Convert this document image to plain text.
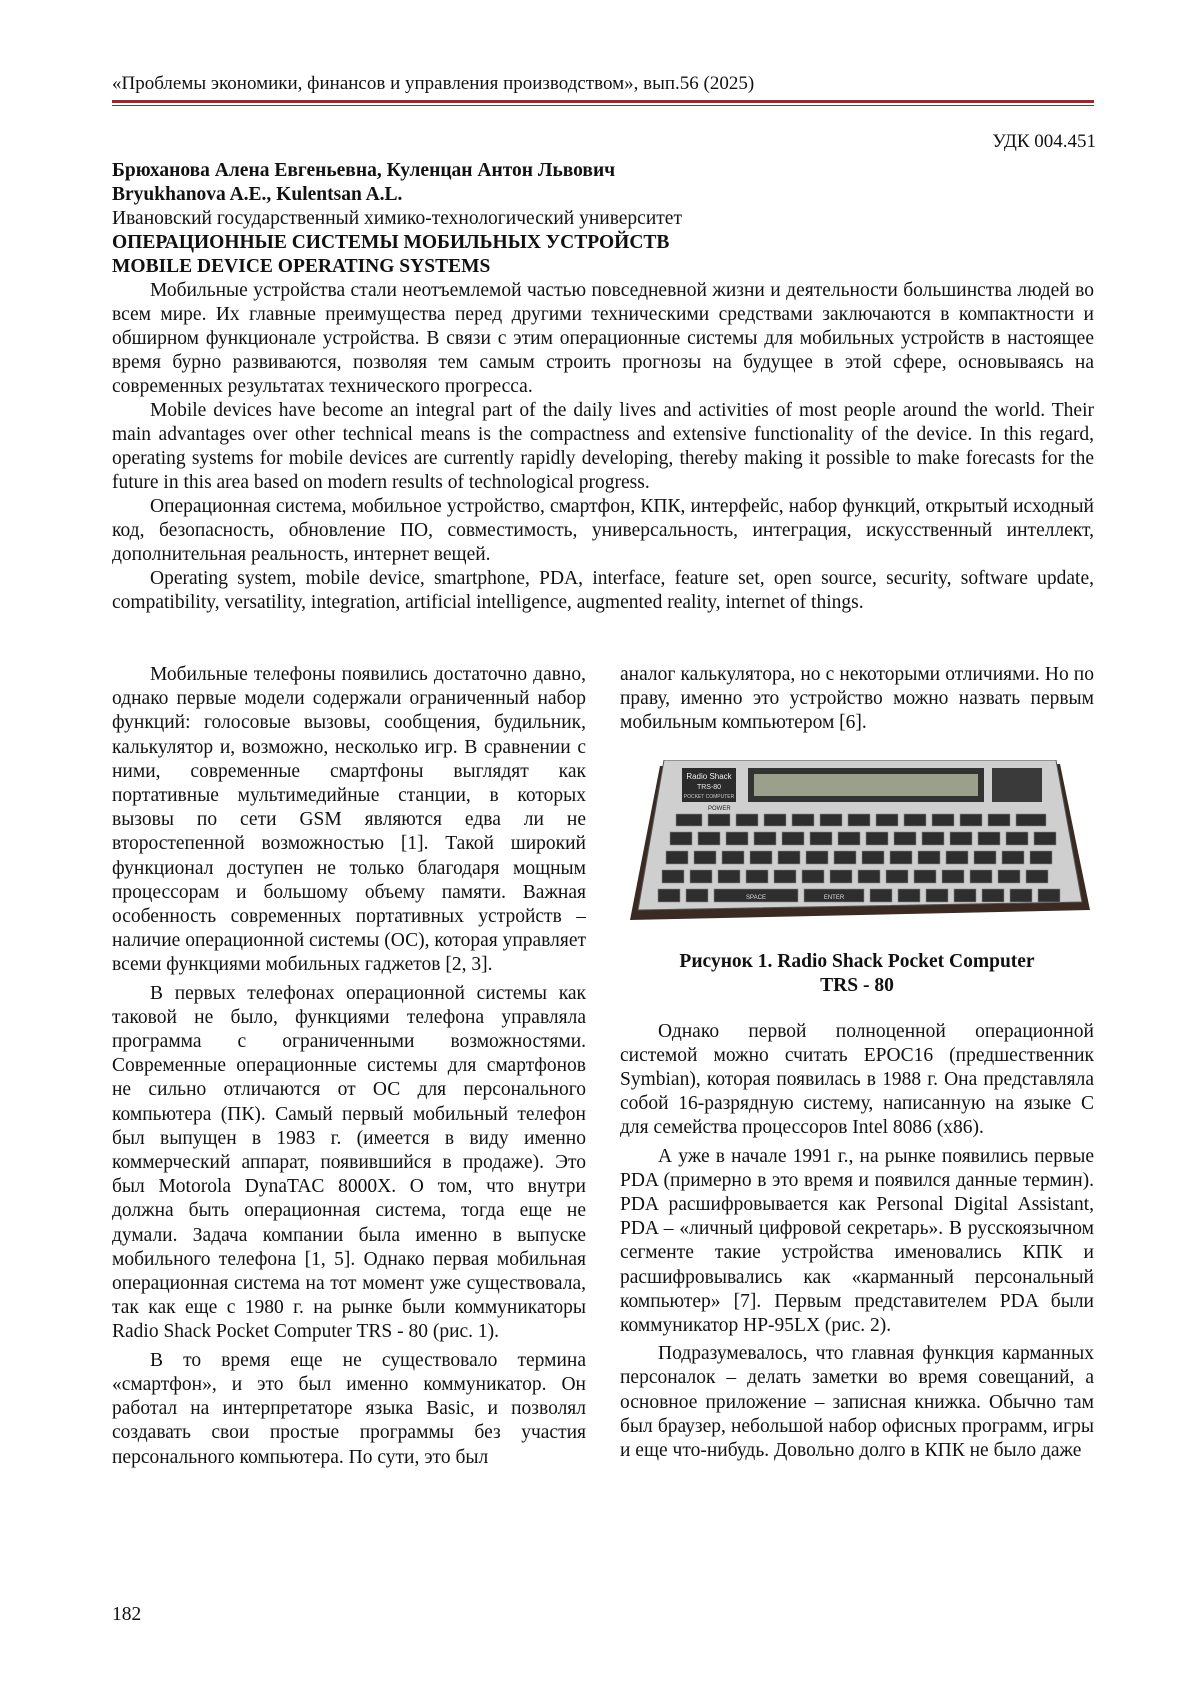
«Проблемы экономики, финансов и управления производством», вып.56 (2025)
УДК 004.451
Брюханова Алена Евгеньевна, Куленцан Антон Львович
Bryukhanova A.E., Kulentsan A.L.
Ивановский государственный химико-технологический университет
ОПЕРАЦИОННЫЕ СИСТЕМЫ МОБИЛЬНЫХ УСТРОЙСТВ
MOBILE DEVICE OPERATING SYSTEMS

Мобильные устройства стали неотъемлемой частью повседневной жизни и деятельности большинства людей во всем мире. Их главные преимущества перед другими техническими средствами заключаются в компактности и обширном функционале устройства. В связи с этим операционные системы для мобильных устройств в настоящее время бурно развиваются, позволяя тем самым строить прогнозы на будущее в этой сфере, основываясь на современных результатах технического прогресса.

Mobile devices have become an integral part of the daily lives and activities of most people around the world. Their main advantages over other technical means is the compactness and extensive functionality of the device. In this regard, operating systems for mobile devices are currently rapidly developing, thereby making it possible to make forecasts for the future in this area based on modern results of technological progress.

Операционная система, мобильное устройство, смартфон, КПК, интерфейс, набор функций, открытый исходный код, безопасность, обновление ПО, совместимость, универсальность, интеграция, искусственный интеллект, дополнительная реальность, интернет вещей.

Operating system, mobile device, smartphone, PDA, interface, feature set, open source, security, software update, compatibility, versatility, integration, artificial intelligence, augmented reality, internet of things.

Мобильные телефоны появились достаточно давно, однако первые модели содержали ограниченный набор функций: голосовые вызовы, сообщения, будильник, калькулятор и, возможно, несколько игр. В сравнении с ними, современные смартфоны выглядят как портативные мультимедийные станции, в которых вызовы по сети GSM являются едва ли не второстепенной возможностью [1]. Такой широкий функционал доступен не только благодаря мощным процессорам и большому объему памяти. Важная особенность современных портативных устройств – наличие операционной системы (ОС), которая управляет всеми функциями мобильных гаджетов [2, 3].

В первых телефонах операционной системы как таковой не было, функциями телефона управляла программа с ограниченными возможностями. Современные операционные системы для смартфонов не сильно отличаются от ОС для персонального компьютера (ПК). Самый первый мобильный телефон был выпущен в 1983 г. (имеется в виду именно коммерческий аппарат, появившийся в продаже). Это был Motorola DynaTAC 8000X. О том, что внутри должна быть операционная система, тогда еще не думали. Задача компании была именно в выпуске мобильного телефона [1, 5]. Однако первая мобильная операционная система на тот момент уже существовала, так как еще с 1980 г. на рынке были коммуникаторы Radio Shack Pocket Computer TRS - 80 (рис. 1).

В то время еще не существовало термина «смартфон», и это был именно коммуникатор. Он работал на интерпретаторе языка Basic, и позволял создавать свои простые программы без участия персонального компьютера. По сути, это был

аналог калькулятора, но с некоторыми отличиями. Но по праву, именно это устройство можно назвать первым мобильным компьютером [6].

Radio Shack
TRS-80
POCKET COMPUTER
POWER
SPACE	ENTER
Рисунок 1. Radio Shack Pocket Computer
TRS - 80

Однако первой полноценной операционной системой можно считать EPOC16 (предшественник Symbian), которая появилась в 1988 г. Она представляла собой 16-разрядную систему, написанную на языке С для семейства процессоров Intel 8086 (x86).

А уже в начале 1991 г., на рынке появились первые PDA (примерно в это время и появился данные термин). PDA расшифровывается как Personal Digital Assistant, PDA – «личный цифровой секретарь». В русскоязычном сегменте такие устройства именовались КПК и расшифровывались как «карманный персональный компьютер» [7]. Первым представителем PDA были коммуникатор HP-95LX (рис. 2).

Подразумевалось, что главная функция карманных персоналок – делать заметки во время совещаний, а основное приложение – записная книжка. Обычно там был браузер, небольшой набор офисных программ, игры и еще что-нибудь. Довольно долго в КПК не было даже

182
